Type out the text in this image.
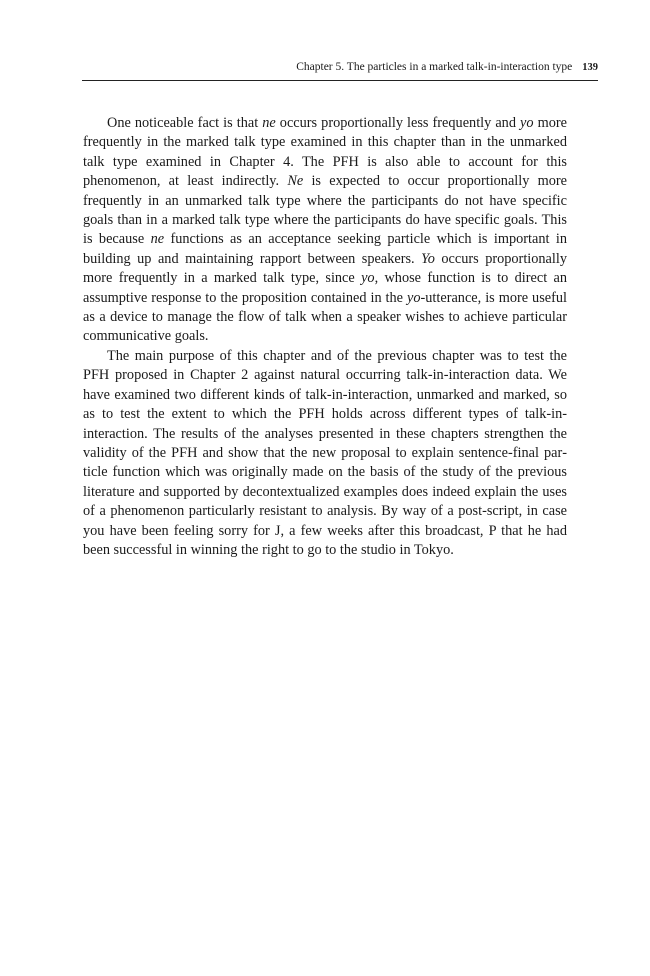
Chapter 5. The particles in a marked talk-in-interaction type 139

One noticeable fact is that ne occurs proportionally less frequently and yo more frequently in the marked talk type examined in this chapter than in the unmarked talk type examined in Chapter 4. The PFH is also able to account for this phenomenon, at least indirectly. Ne is expected to occur proportionally more frequently in an unmarked talk type where the participants do not have specific goals than in a marked talk type where the participants do have specific goals. This is because ne functions as an acceptance seeking particle which is important in building up and maintaining rapport between speakers. Yo occurs proportionally more frequently in a marked talk type, since yo, whose function is to direct an assumptive response to the proposition contained in the yo-utterance, is more useful as a device to manage the flow of talk when a speaker wishes to achieve particular communicative goals.

The main purpose of this chapter and of the previous chapter was to test the PFH proposed in Chapter 2 against natural occurring talk-in-interaction data. We have examined two different kinds of talk-in-interaction, unmarked and marked, so as to test the extent to which the PFH holds across different types of talk-in-interaction. The results of the analyses presented in these chapters strengthen the validity of the PFH and show that the new proposal to explain sentence-final particle function which was originally made on the basis of the study of the previous literature and supported by decontextualized examples does indeed explain the uses of a phenomenon particularly resistant to analysis. By way of a post-script, in case you have been feeling sorry for J, a few weeks after this broadcast, P that he had been successful in winning the right to go to the studio in Tokyo.
